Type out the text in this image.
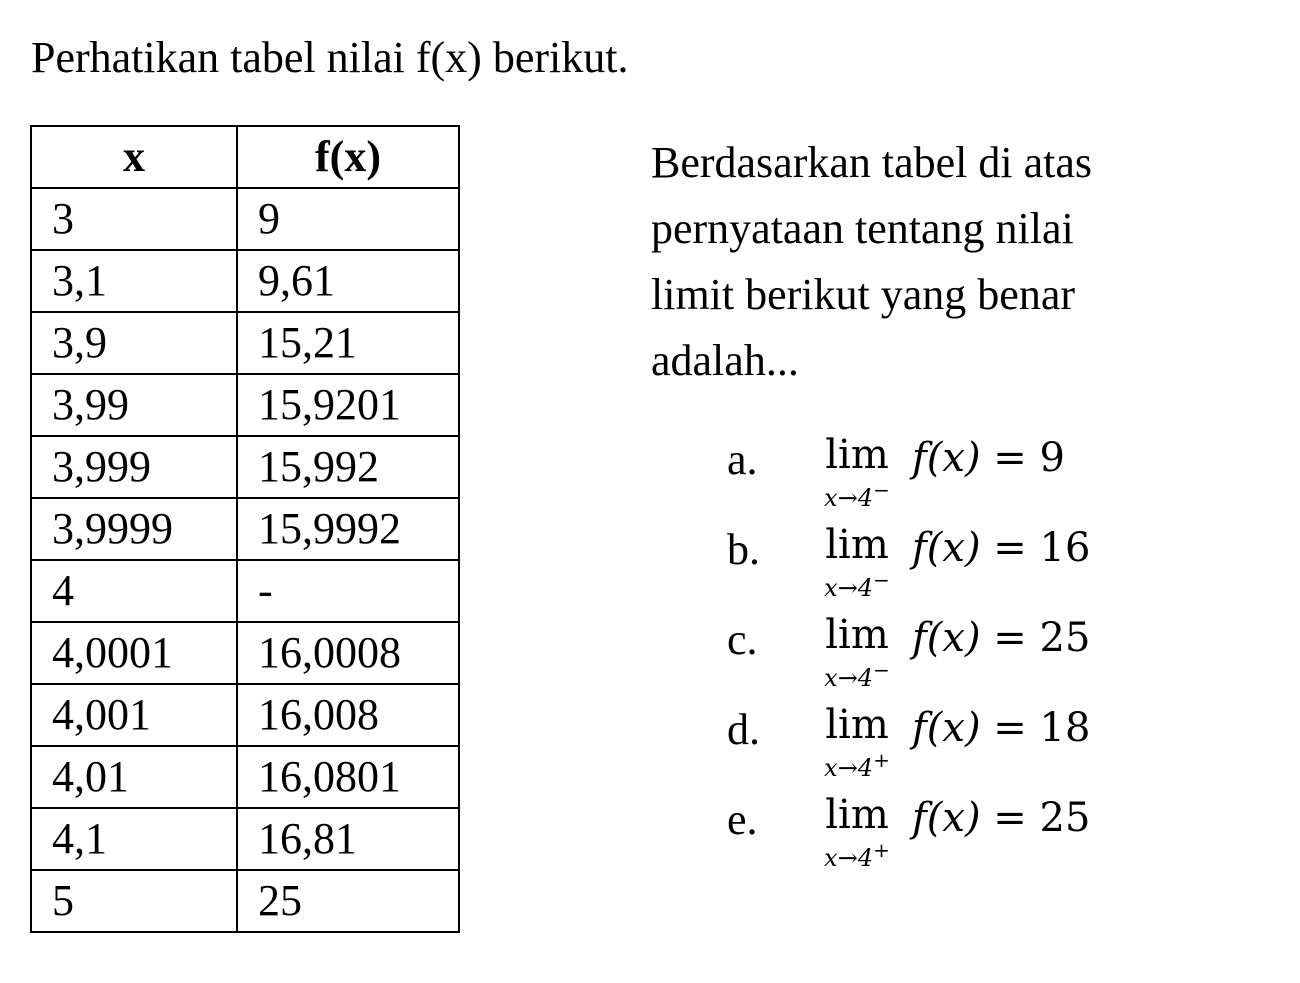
Perhatikan tabel nilai f(x) berikut.
x	f(x)
3	9
3,1	9,61
3,9	15,21
3,99	15,9201
3,999	15,992
3,9999	15,9992
4	-
4,0001	16,0008
4,001	16,008
4,01	16,0801
4,1	16,81
5	25
Berdasarkan tabel di atas
pernyataan tentang nilai
limit berikut yang benar
adalah...
a. lim
x→4−
f(x) = 9
b. lim
x→4−
f(x) = 16
c. lim
x→4−
f(x) = 25
d. lim
x→4+
f(x) = 18
e. lim
x→4+
f(x) = 25
